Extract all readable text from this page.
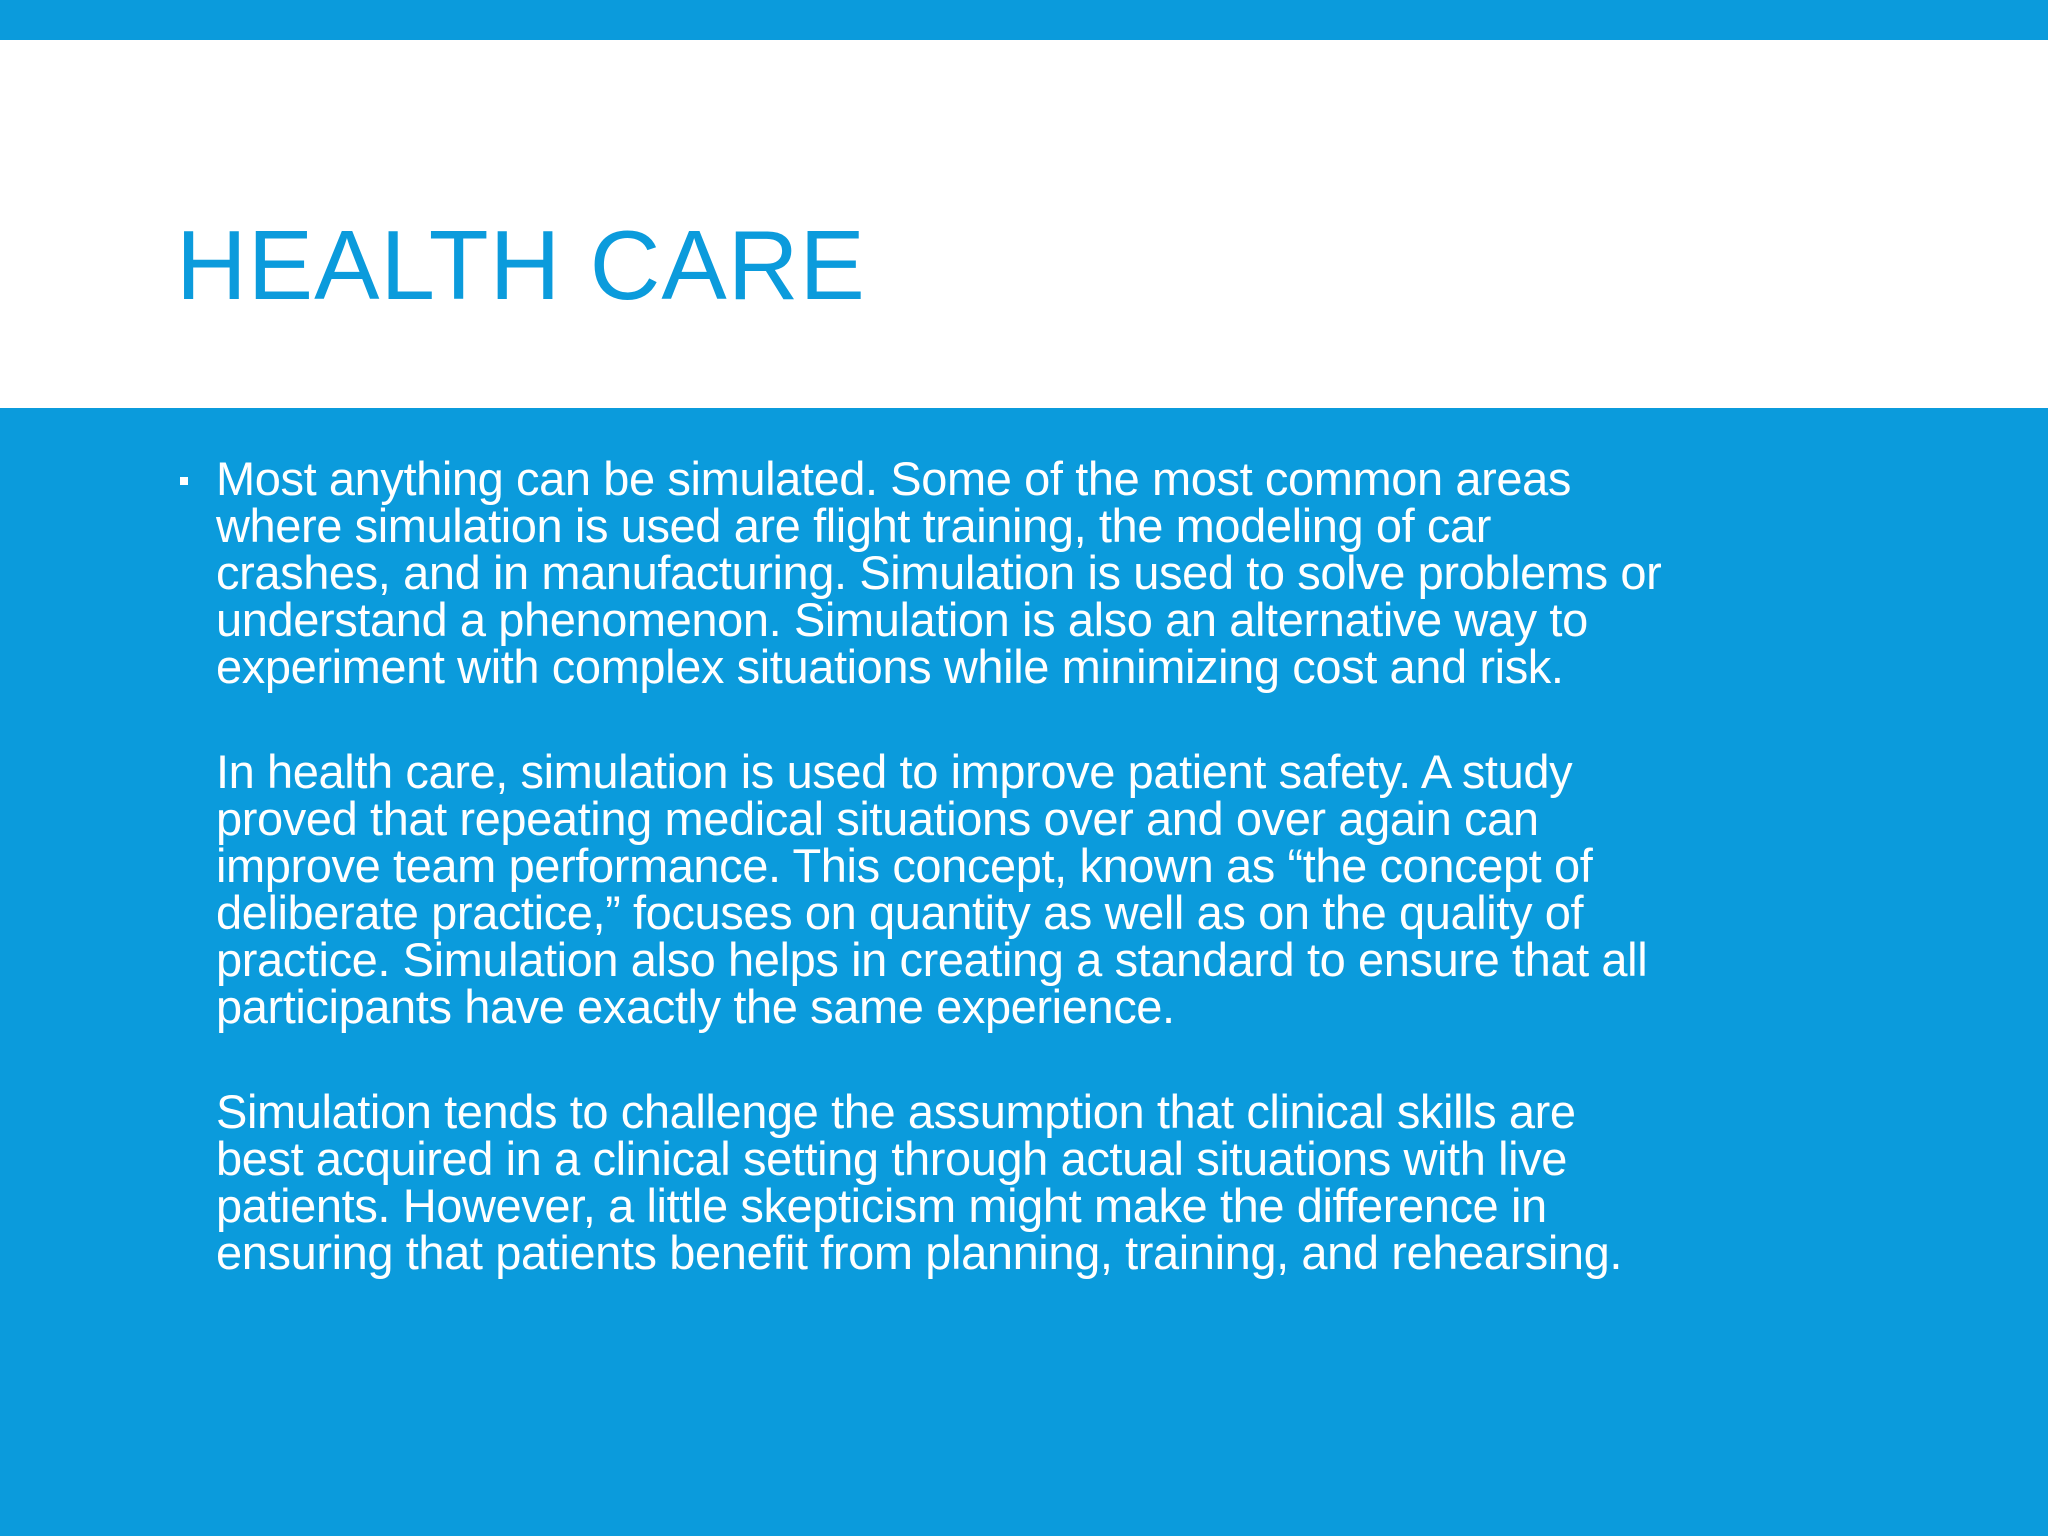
HEALTH CARE

Most anything can be simulated. Some of the most common areas
where simulation is used are flight training, the modeling of car
crashes, and in manufacturing. Simulation is used to solve problems or
understand a phenomenon. Simulation is also an alternative way to
experiment with complex situations while minimizing cost and risk.

In health care, simulation is used to improve patient safety. A study
proved that repeating medical situations over and over again can
improve team performance. This concept, known as “the concept of
deliberate practice,” focuses on quantity as well as on the quality of
practice. Simulation also helps in creating a standard to ensure that all
participants have exactly the same experience.

Simulation tends to challenge the assumption that clinical skills are
best acquired in a clinical setting through actual situations with live
patients. However, a little skepticism might make the difference in
ensuring that patients benefit from planning, training, and rehearsing.
